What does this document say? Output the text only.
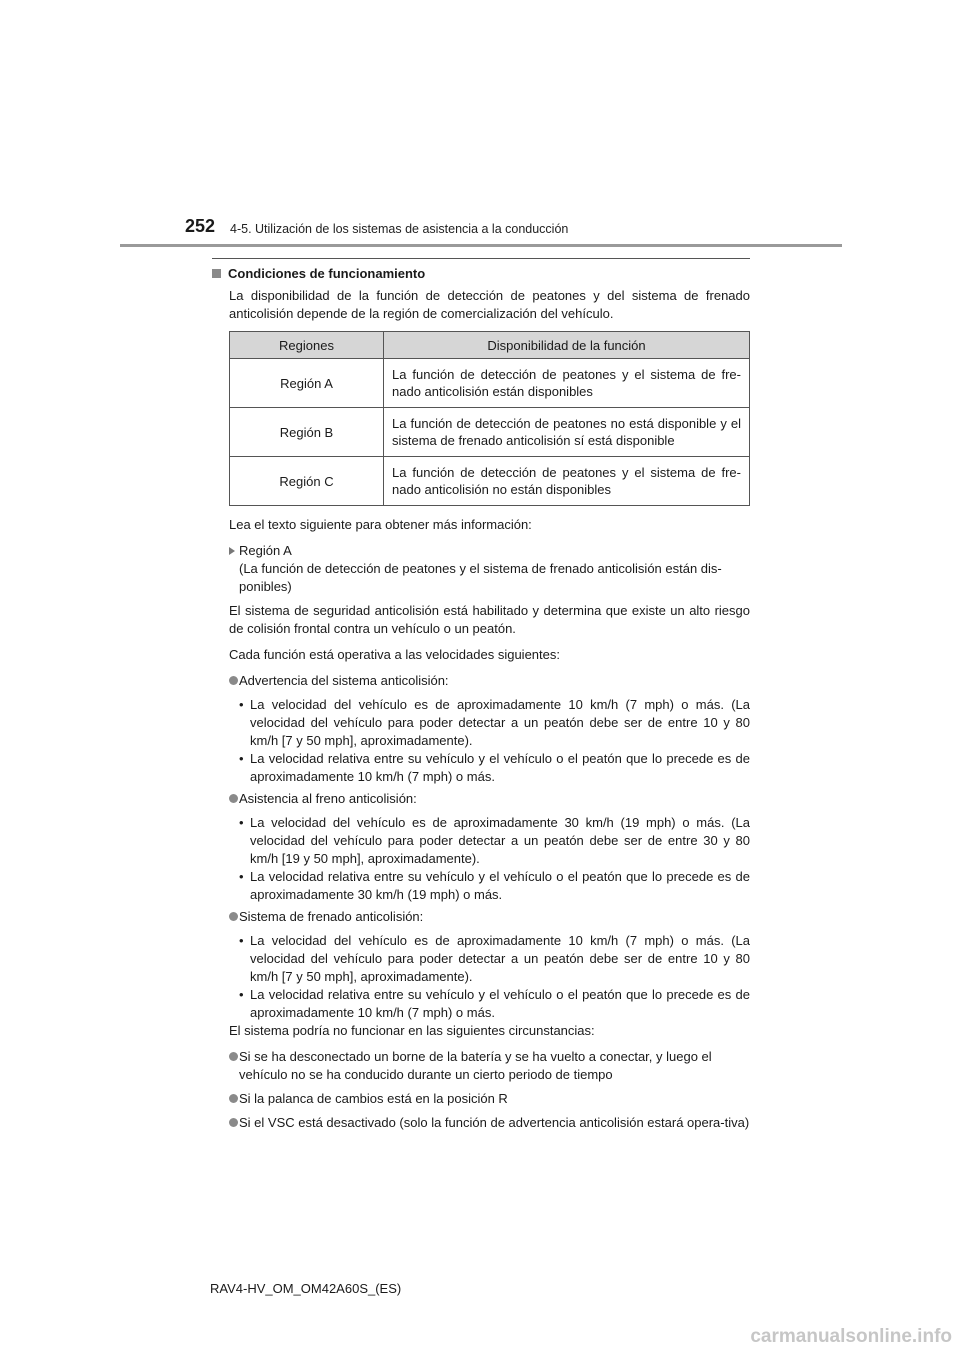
252 4-5. Utilización de los sistemas de asistencia a la conducción
Condiciones de funcionamiento

La disponibilidad de la función de detección de peatones y del sistema de frenado anticolisión depende de la región de comercialización del vehículo.

Regiones	Disponibilidad de la función
Región A	La función de detección de peatones y el sistema de fre-nado anticolisión están disponibles
Región B	La función de detección de peatones no está disponible y el sistema de frenado anticolisión sí está disponible
Región C	La función de detección de peatones y el sistema de fre-nado anticolisión no están disponibles

Lea el texto siguiente para obtener más información:

Región A
(La función de detección de peatones y el sistema de frenado anticolisión están dis-ponibles)

El sistema de seguridad anticolisión está habilitado y determina que existe un alto riesgo de colisión frontal contra un vehículo o un peatón.

Cada función está operativa a las velocidades siguientes:

Advertencia del sistema anticolisión:

• La velocidad del vehículo es de aproximadamente 10 km/h (7 mph) o más. (La velocidad del vehículo para poder detectar a un peatón debe ser de entre 10 y 80 km/h [7 y 50 mph], aproximadamente).

• La velocidad relativa entre su vehículo y el vehículo o el peatón que lo precede es de aproximadamente 10 km/h (7 mph) o más.

Asistencia al freno anticolisión:

• La velocidad del vehículo es de aproximadamente 30 km/h (19 mph) o más. (La velocidad del vehículo para poder detectar a un peatón debe ser de entre 30 y 80 km/h [19 y 50 mph], aproximadamente).

• La velocidad relativa entre su vehículo y el vehículo o el peatón que lo precede es de aproximadamente 30 km/h (19 mph) o más.

Sistema de frenado anticolisión:

• La velocidad del vehículo es de aproximadamente 10 km/h (7 mph) o más. (La velocidad del vehículo para poder detectar a un peatón debe ser de entre 10 y 80 km/h [7 y 50 mph], aproximadamente).

• La velocidad relativa entre su vehículo y el vehículo o el peatón que lo precede es de aproximadamente 10 km/h (7 mph) o más.

El sistema podría no funcionar en las siguientes circunstancias:

Si se ha desconectado un borne de la batería y se ha vuelto a conectar, y luego el vehículo no se ha conducido durante un cierto periodo de tiempo
Si la palanca de cambios está en la posición R
Si el VSC está desactivado (solo la función de advertencia anticolisión estará opera-tiva)
RAV4-HV_OM_OM42A60S_(ES)
carmanualsonline.info
